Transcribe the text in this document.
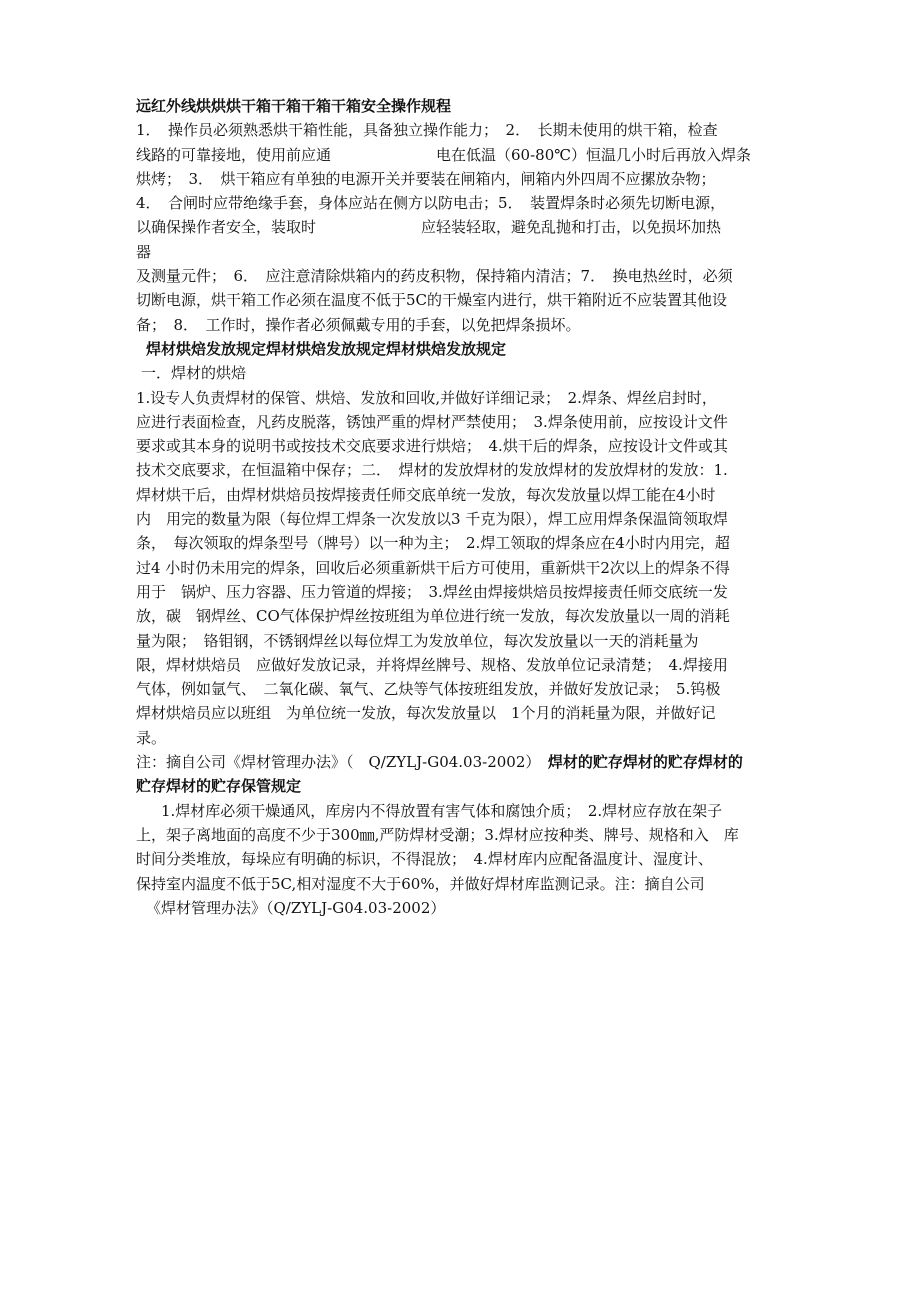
远红外线烘烘烘干箱干箱干箱干箱安全操作规程
1．　操作员必须熟悉烘干箱性能，具备独立操作能力；　2．　长期未使用的烘干箱，检查
线路的可靠接地，使用前应通　　　　　　　电在低温（60-80℃）恒温几小时后再放入焊条
烘烤；　3．　烘干箱应有单独的电源开关并要装在闸箱内，闸箱内外四周不应摞放杂物；
4．　合闸时应带绝缘手套，身体应站在侧方以防电击；5．　装置焊条时必须先切断电源，
以确保操作者安全，装取时　　　　　　　应轻装轻取，避免乱抛和打击，以免损坏加热
器
及测量元件；　6．　应注意清除烘箱内的药皮积物，保持箱内清洁；7．　换电热丝时，必须
切断电源，烘干箱工作必须在温度不低于5C的干燥室内进行，烘干箱附近不应装置其他设
备；　8．　工作时，操作者必须佩戴专用的手套，以免把焊条损坏。
焊材烘焙发放规定焊材烘焙发放规定焊材烘焙发放规定
一．焊材的烘焙
1.设专人负责焊材的保管、烘焙、发放和回收,并做好详细记录；　2.焊条、焊丝启封时，
应进行表面检查，凡药皮脱落，锈蚀严重的焊材严禁使用；　3.焊条使用前，应按设计文件
要求或其本身的说明书或按技术交底要求进行烘焙；　4.烘干后的焊条，应按设计文件或其
技术交底要求，在恒温箱中保存；二．　焊材的发放焊材的发放焊材的发放焊材的发放：1.
焊材烘干后，由焊材烘焙员按焊接责任师交底单统一发放，每次发放量以焊工能在4小时
内　用完的数量为限（每位焊工焊条一次发放以3 千克为限），焊工应用焊条保温筒领取焊
条，　每次领取的焊条型号（牌号）以一种为主；　2.焊工领取的焊条应在4小时内用完，超
过4 小时仍未用完的焊条，回收后必须重新烘干后方可使用，重新烘干2次以上的焊条不得
用于　锅炉、压力容器、压力管道的焊接；　3.焊丝由焊接烘焙员按焊接责任师交底统一发
放，碳　钢焊丝、CO气体保护焊丝按班组为单位进行统一发放，每次发放量以一周的消耗
量为限；　铬钼钢，不锈钢焊丝以每位焊工为发放单位，每次发放量以一天的消耗量为
限，焊材烘焙员　应做好发放记录，并将焊丝牌号、规格、发放单位记录清楚；　4.焊接用
气体，例如氩气、　二氧化碳、氧气、乙炔等气体按班组发放，并做好发放记录；　5.钨极
焊材烘焙员应以班组　为单位统一发放，每次发放量以　1个月的消耗量为限，并做好记
录。
注：摘自公司《焊材管理办法》（　Q/ZYLJ-G04.03-2002）　焊材的贮存焊材的贮存焊材的
贮存焊材的贮存保管规定
1.焊材库必须干燥通风，库房内不得放置有害气体和腐蚀介质；　2.焊材应存放在架子
上，架子离地面的高度不少于300㎜,严防焊材受潮；3.焊材应按种类、牌号、规格和入　库
时间分类堆放，每垛应有明确的标识，不得混放；　4.焊材库内应配备温度计、湿度计、
保持室内温度不低于5C,相对湿度不大于60%，并做好焊材库监测记录。注：摘自公司
《焊材管理办法》（Q/ZYLJ-G04.03-2002）
